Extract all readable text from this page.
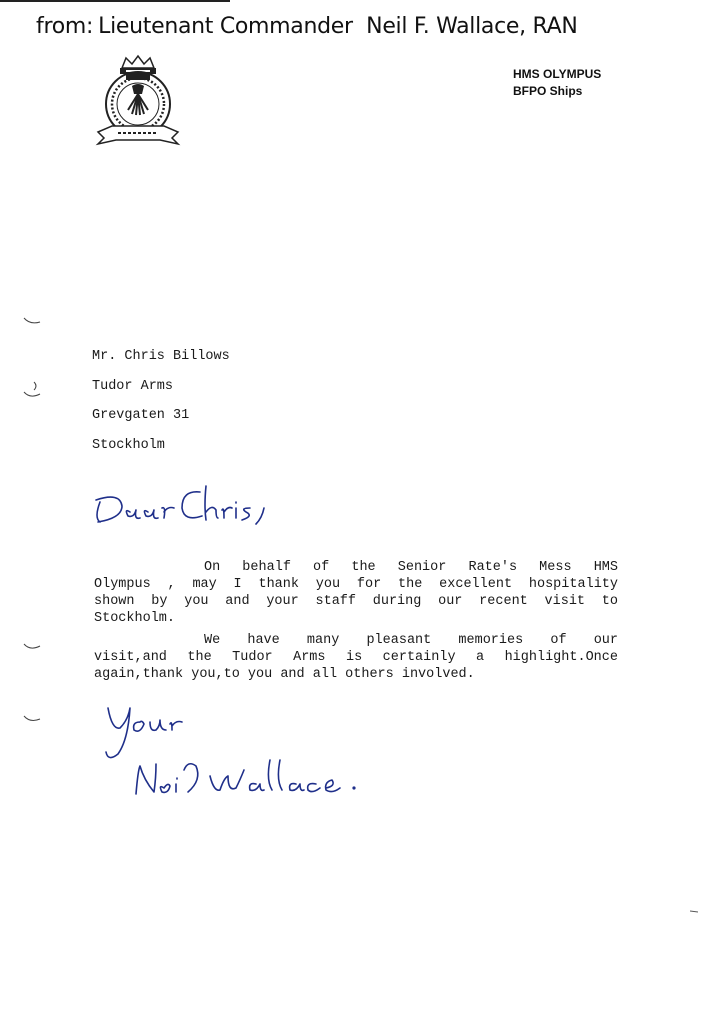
from: Lieutenant Commander  Neil F. Wallace, RAN
HMS OLYMPUS
BFPO Ships
Mr. Chris Billows
Tudor Arms
Grevgaten 31
Stockholm
On behalf of the Senior Rate's Mess HMS
Olympus , may I thank you for the excellent hospitality
shown by you and your staff during our recent visit to
Stockholm.
We have many pleasant memories of our
visit,and the Tudor Arms is certainly a highlight.Once
again,thank you,to you and all others involved.
